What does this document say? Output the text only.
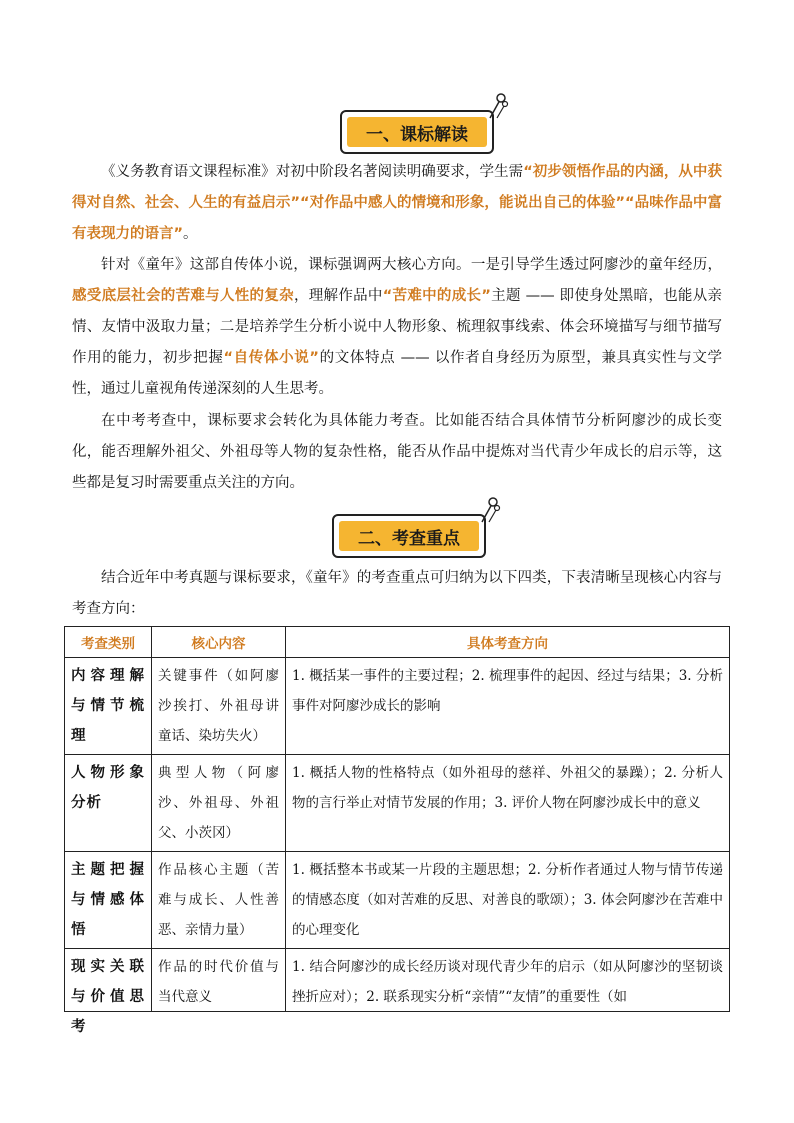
一、课标解读

《义务教育语文课程标准》对初中阶段名著阅读明确要求，学生需“初步领悟作品的内涵，从中获得对自然、社会、人生的有益启示”“对作品中感人的情境和形象，能说出自己的体验”“品味作品中富有表现力的语言”。

针对《童年》这部自传体小说，课标强调两大核心方向。一是引导学生透过阿廖沙的童年经历，感受底层社会的苦难与人性的复杂，理解作品中“苦难中的成长”主题 —— 即使身处黑暗，也能从亲情、友情中汲取力量；二是培养学生分析小说中人物形象、梳理叙事线索、体会环境描写与细节描写作用的能力，初步把握“自传体小说”的文体特点 —— 以作者自身经历为原型，兼具真实性与文学性，通过儿童视角传递深刻的人生思考。

在中考考查中，课标要求会转化为具体能力考查。比如能否结合具体情节分析阿廖沙的成长变化，能否理解外祖父、外祖母等人物的复杂性格，能否从作品中提炼对当代青少年成长的启示等，这些都是复习时需要重点关注的方向。

二、考查重点

结合近年中考真题与课标要求，《童年》的考查重点可归纳为以下四类，下表清晰呈现核心内容与考查方向：

考查类别	核心内容	具体考查方向
内容理解与情节梳理	关键事件（如阿廖沙挨打、外祖母讲童话、染坊失火）	1. 概括某一事件的主要过程；2. 梳理事件的起因、经过与结果；3. 分析事件对阿廖沙成长的影响
人物形象分析	典型人物（阿廖沙、外祖母、外祖父、小茨冈）	1. 概括人物的性格特点（如外祖母的慈祥、外祖父的暴躁）；2. 分析人物的言行举止对情节发展的作用；3. 评价人物在阿廖沙成长中的意义
主题把握与情感体悟	作品核心主题（苦难与成长、人性善恶、亲情力量）	1. 概括整本书或某一片段的主题思想；2. 分析作者通过人物与情节传递的情感态度（如对苦难的反思、对善良的歌颂）；3. 体会阿廖沙在苦难中的心理变化

现实关联与价值思考	作品的时代价值与当代意义	1. 结合阿廖沙的成长经历谈对现代青少年的启示（如从阿廖沙的坚韧谈挫折应对）；2. 联系现实分析“亲情”“友情”的重要性（如
